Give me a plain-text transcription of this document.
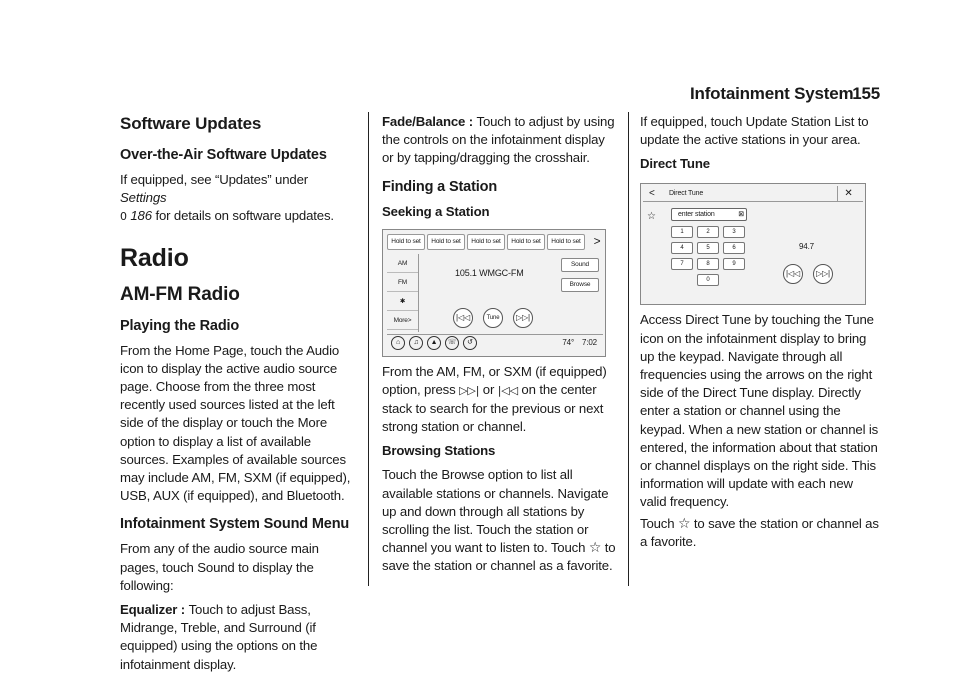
Infotainment System
155
Software Updates
Over-the-Air Software Updates

If equipped, see “Updates” under Settings
0 186 for details on software updates.

Radio
AM-FM Radio
Playing the Radio

From the Home Page, touch the Audio icon to display the active audio source page. Choose from the three most recently used sources listed at the left side of the display or touch the More option to display a list of available sources. Examples of available sources may include AM, FM, SXM (if equipped), USB, AUX (if equipped), and Bluetooth.

Infotainment System Sound Menu

From any of the audio source main pages, touch Sound to display the following:

Equalizer : Touch to adjust Bass, Midrange, Treble, and Surround (if equipped) using the options on the infotainment display.

Fade/Balance : Touch to adjust by using the controls on the infotainment display or by tapping/dragging the crosshair.

Finding a Station
Seeking a Station
Hold to set	Hold to set	Hold to set	Hold to set	Hold to set	>
AM
FM
✱
More>
105.1 WMGC-FM
Sound
Browse
|◁◁	Tune	▷▷|
⌂	♫	▲	☏	↺	74° 7:02

From the AM, FM, or SXM (if equipped) option, press ▷▷| or |◁◁ on the center stack to search for the previous or next strong station or channel.

Browsing Stations

Touch the Browse option to list all available stations or channels. Navigate up and down through all stations by scrolling the list. Touch the station or channel you want to listen to. Touch ☆ to save the station or channel as a favorite.

If equipped, touch Update Station List to update the active stations in your area.

Direct Tune
< Direct Tune	✕
☆	enter station	⊠
1	2	3
4	5	6
7	8	9
0
94.7
|◁◁	▷▷|

Access Direct Tune by touching the Tune icon on the infotainment display to bring up the keypad. Navigate through all frequencies using the arrows on the right side of the Direct Tune display. Directly enter a station or channel using the keypad. When a new station or channel is entered, the information about that station or channel displays on the right side. This information will update with each new valid frequency.

Touch ☆ to save the station or channel as a favorite.
